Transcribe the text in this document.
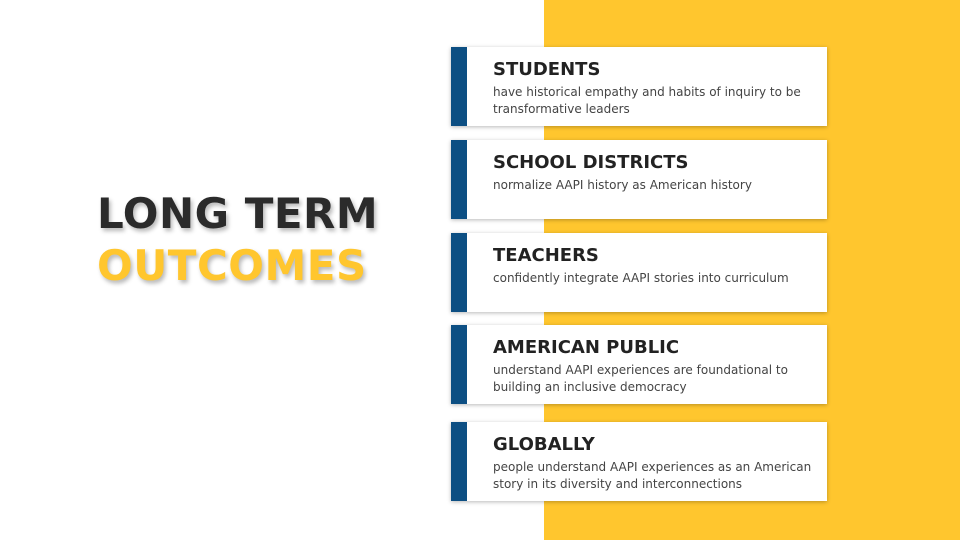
LONG TERM
OUTCOMES
STUDENTS
have historical empathy and habits of inquiry to be transformative leaders
SCHOOL DISTRICTS
normalize AAPI history as American history
TEACHERS
confidently integrate AAPI stories into curriculum
AMERICAN PUBLIC
understand AAPI experiences are foundational to building an inclusive democracy
GLOBALLY
people understand AAPI experiences as an American story in its diversity and interconnections
